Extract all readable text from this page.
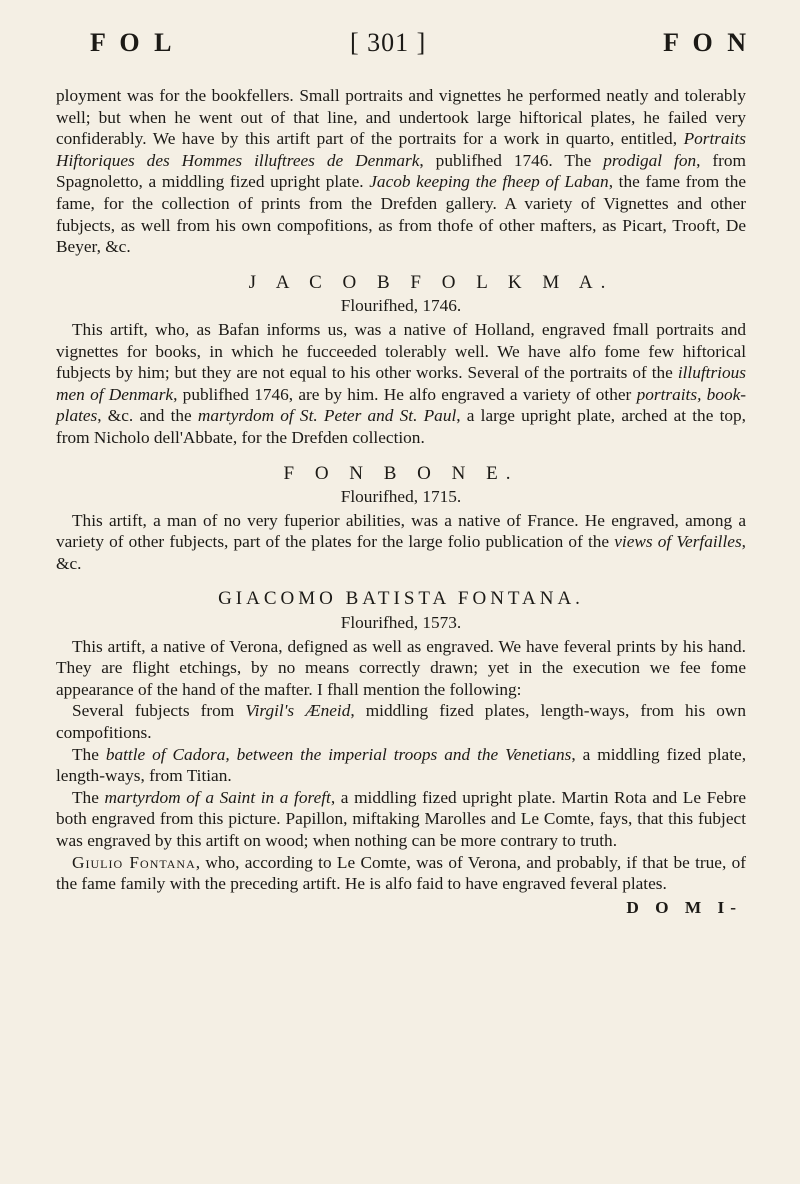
F O L	[ 301 ]	F O N

ployment was for the bookfellers. Small portraits and vignettes he performed neatly and tolerably well; but when he went out of that line, and undertook large hiftorical plates, he failed very confiderably. We have by this artift part of the portraits for a work in quarto, entitled, Portraits Hiftoriques des Hommes illuftrees de Denmark, publifhed 1746. The prodigal fon, from Spagnoletto, a middling fized upright plate. Jacob keeping the fheep of Laban, the fame from the fame, for the collection of prints from the Drefden gallery. A variety of Vignettes and other fubjects, as well from his own compofitions, as from thofe of other mafters, as Picart, Trooft, De Beyer, &c.

J A C O B F O L K M A.
Flourifhed, 1746.

This artift, who, as Bafan informs us, was a native of Holland, engraved fmall portraits and vignettes for books, in which he fucceeded tolerably well. We have alfo fome few hiftorical fubjects by him; but they are not equal to his other works. Several of the portraits of the illuftrious men of Denmark, publifhed 1746, are by him. He alfo engraved a variety of other portraits, book-plates, &c. and the martyrdom of St. Peter and St. Paul, a large upright plate, arched at the top, from Nicholo dell'Abbate, for the Drefden collection.

F O N B O N E.
Flourifhed, 1715.

This artift, a man of no very fuperior abilities, was a native of France. He engraved, among a variety of other fubjects, part of the plates for the large folio publication of the views of Verfailles, &c.

GIACOMO BATISTA FONTANA.
Flourifhed, 1573.

This artift, a native of Verona, defigned as well as engraved. We have feveral prints by his hand. They are flight etchings, by no means correctly drawn; yet in the execution we fee fome appearance of the hand of the mafter. I fhall mention the following:

Several fubjects from Virgil's Æneid, middling fized plates, length-ways, from his own compofitions.

The battle of Cadora, between the imperial troops and the Venetians, a middling fized plate, length-ways, from Titian.

The martyrdom of a Saint in a foreft, a middling fized upright plate. Martin Rota and Le Febre both engraved from this picture. Papillon, miftaking Marolles and Le Comte, fays, that this fubject was engraved by this artift on wood; when nothing can be more contrary to truth.

Giulio Fontana, who, according to Le Comte, was of Verona, and probably, if that be true, of the fame family with the preceding artift. He is alfo faid to have engraved feveral plates.

D O M I-
